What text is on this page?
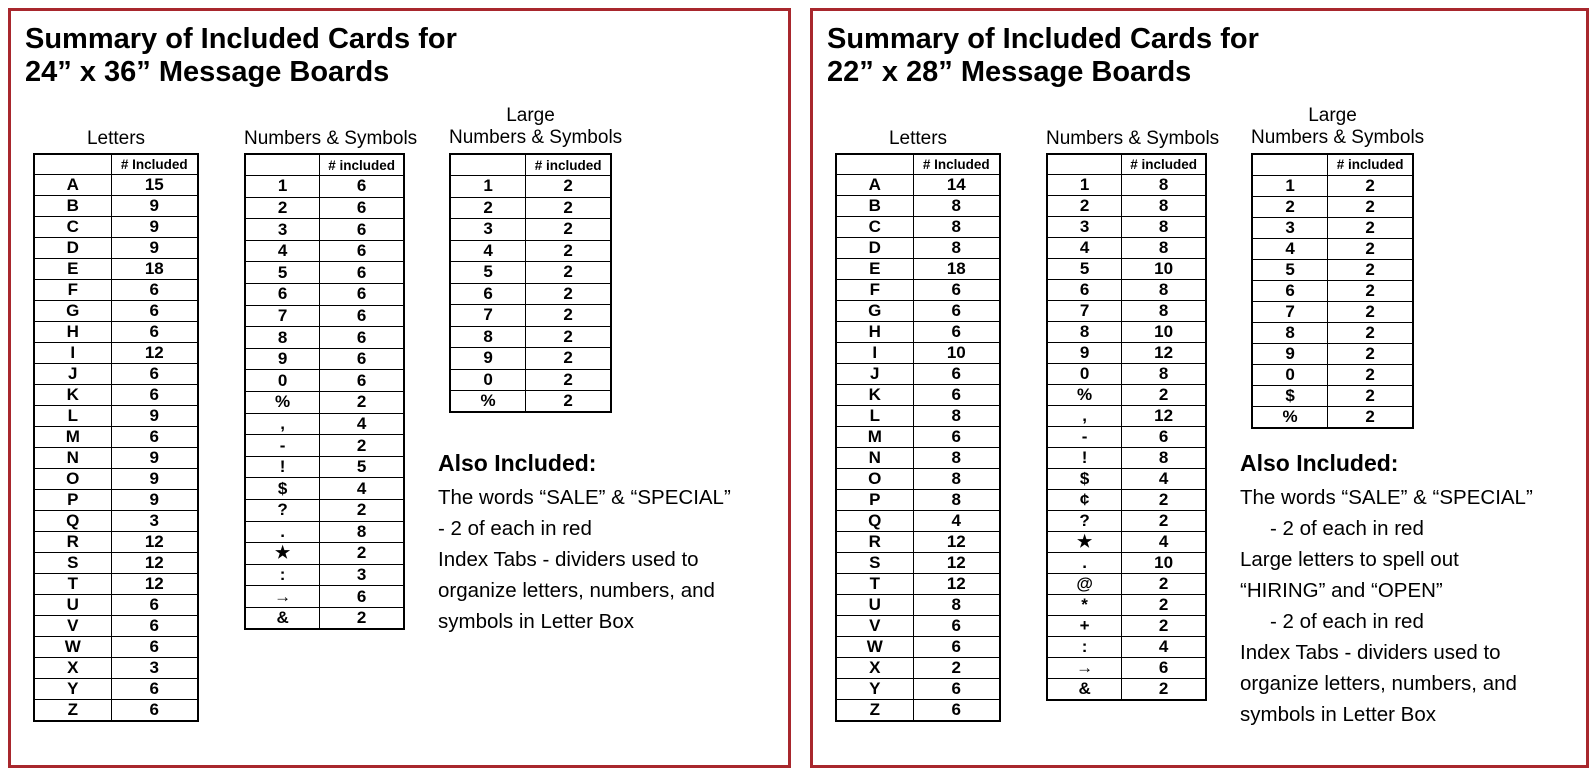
Summary of Included Cards for
24” x 36” Message Boards
Letters	Numbers & Symbols
Large
Numbers & Symbols
	# Included
A	15
B	9
C	9
D	9
E	18
F	6
G	6
H	6
I	12
J	6
K	6
L	9
M	6
N	9
O	9
P	9
Q	3
R	12
S	12
T	12
U	6
V	6
W	6
X	3
Y	6
Z	6
	# included
1	6
2	6
3	6
4	6
5	6
6	6
7	6
8	6
9	6
0	6
%	2
,	4
-	2
!	5
$	4
?	2
.	8
★	2
:	3
→	6
&	2
	# included
1	2
2	2
3	2
4	2
5	2
6	2
7	2
8	2
9	2
0	2
%	2
Also Included:
The words “SALE” & “SPECIAL”
- 2 of each in red
Index Tabs - dividers used to
organize letters, numbers, and
symbols in Letter Box
Summary of Included Cards for
22” x 28” Message Boards
Letters	Numbers & Symbols
Large
Numbers & Symbols
	# Included
A	14
B	8
C	8
D	8
E	18
F	6
G	6
H	6
I	10
J	6
K	6
L	8
M	6
N	8
O	8
P	8
Q	4
R	12
S	12
T	12
U	8
V	6
W	6
X	2
Y	6
Z	6
	# included
1	8
2	8
3	8
4	8
5	10
6	8
7	8
8	10
9	12
0	8
%	2
,	12
-	6
!	8
$	4
¢	2
?	2
★	4
.	10
@	2
*	2
+	2
:	4
→	6
&	2
	# included
1	2
2	2
3	2
4	2
5	2
6	2
7	2
8	2
9	2
0	2
$	2
%	2
Also Included:
The words “SALE” & “SPECIAL”
- 2 of each in red
Large letters to spell out
“HIRING” and “OPEN”
- 2 of each in red
Index Tabs - dividers used to
organize letters, numbers, and
symbols in Letter Box
